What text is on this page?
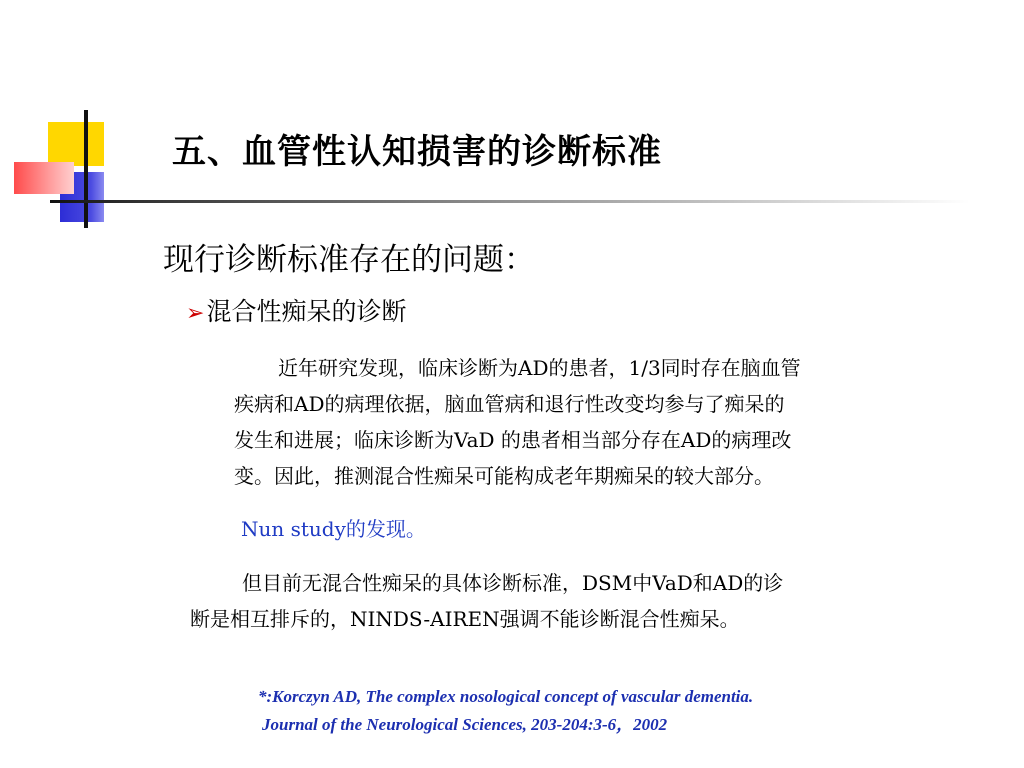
五、血管性认知损害的诊断标准
现行诊断标准存在的问题：
➢混合性痴呆的诊断
近年研究发现，临床诊断为AD的患者，1/3同时存在脑血管
疾病和AD的病理依据，脑血管病和退行性改变均参与了痴呆的
发生和进展；临床诊断为VaD 的患者相当部分存在AD的病理改
变。因此，推测混合性痴呆可能构成老年期痴呆的较大部分。
Nun study的发现。
但目前无混合性痴呆的具体诊断标准，DSM中VaD和AD的诊
断是相互排斥的，NINDS-AIREN强调不能诊断混合性痴呆。
*:Korczyn AD, The complex nosological concept of vascular dementia.
Journal of the Neurological Sciences, 203-204:3-6，2002
